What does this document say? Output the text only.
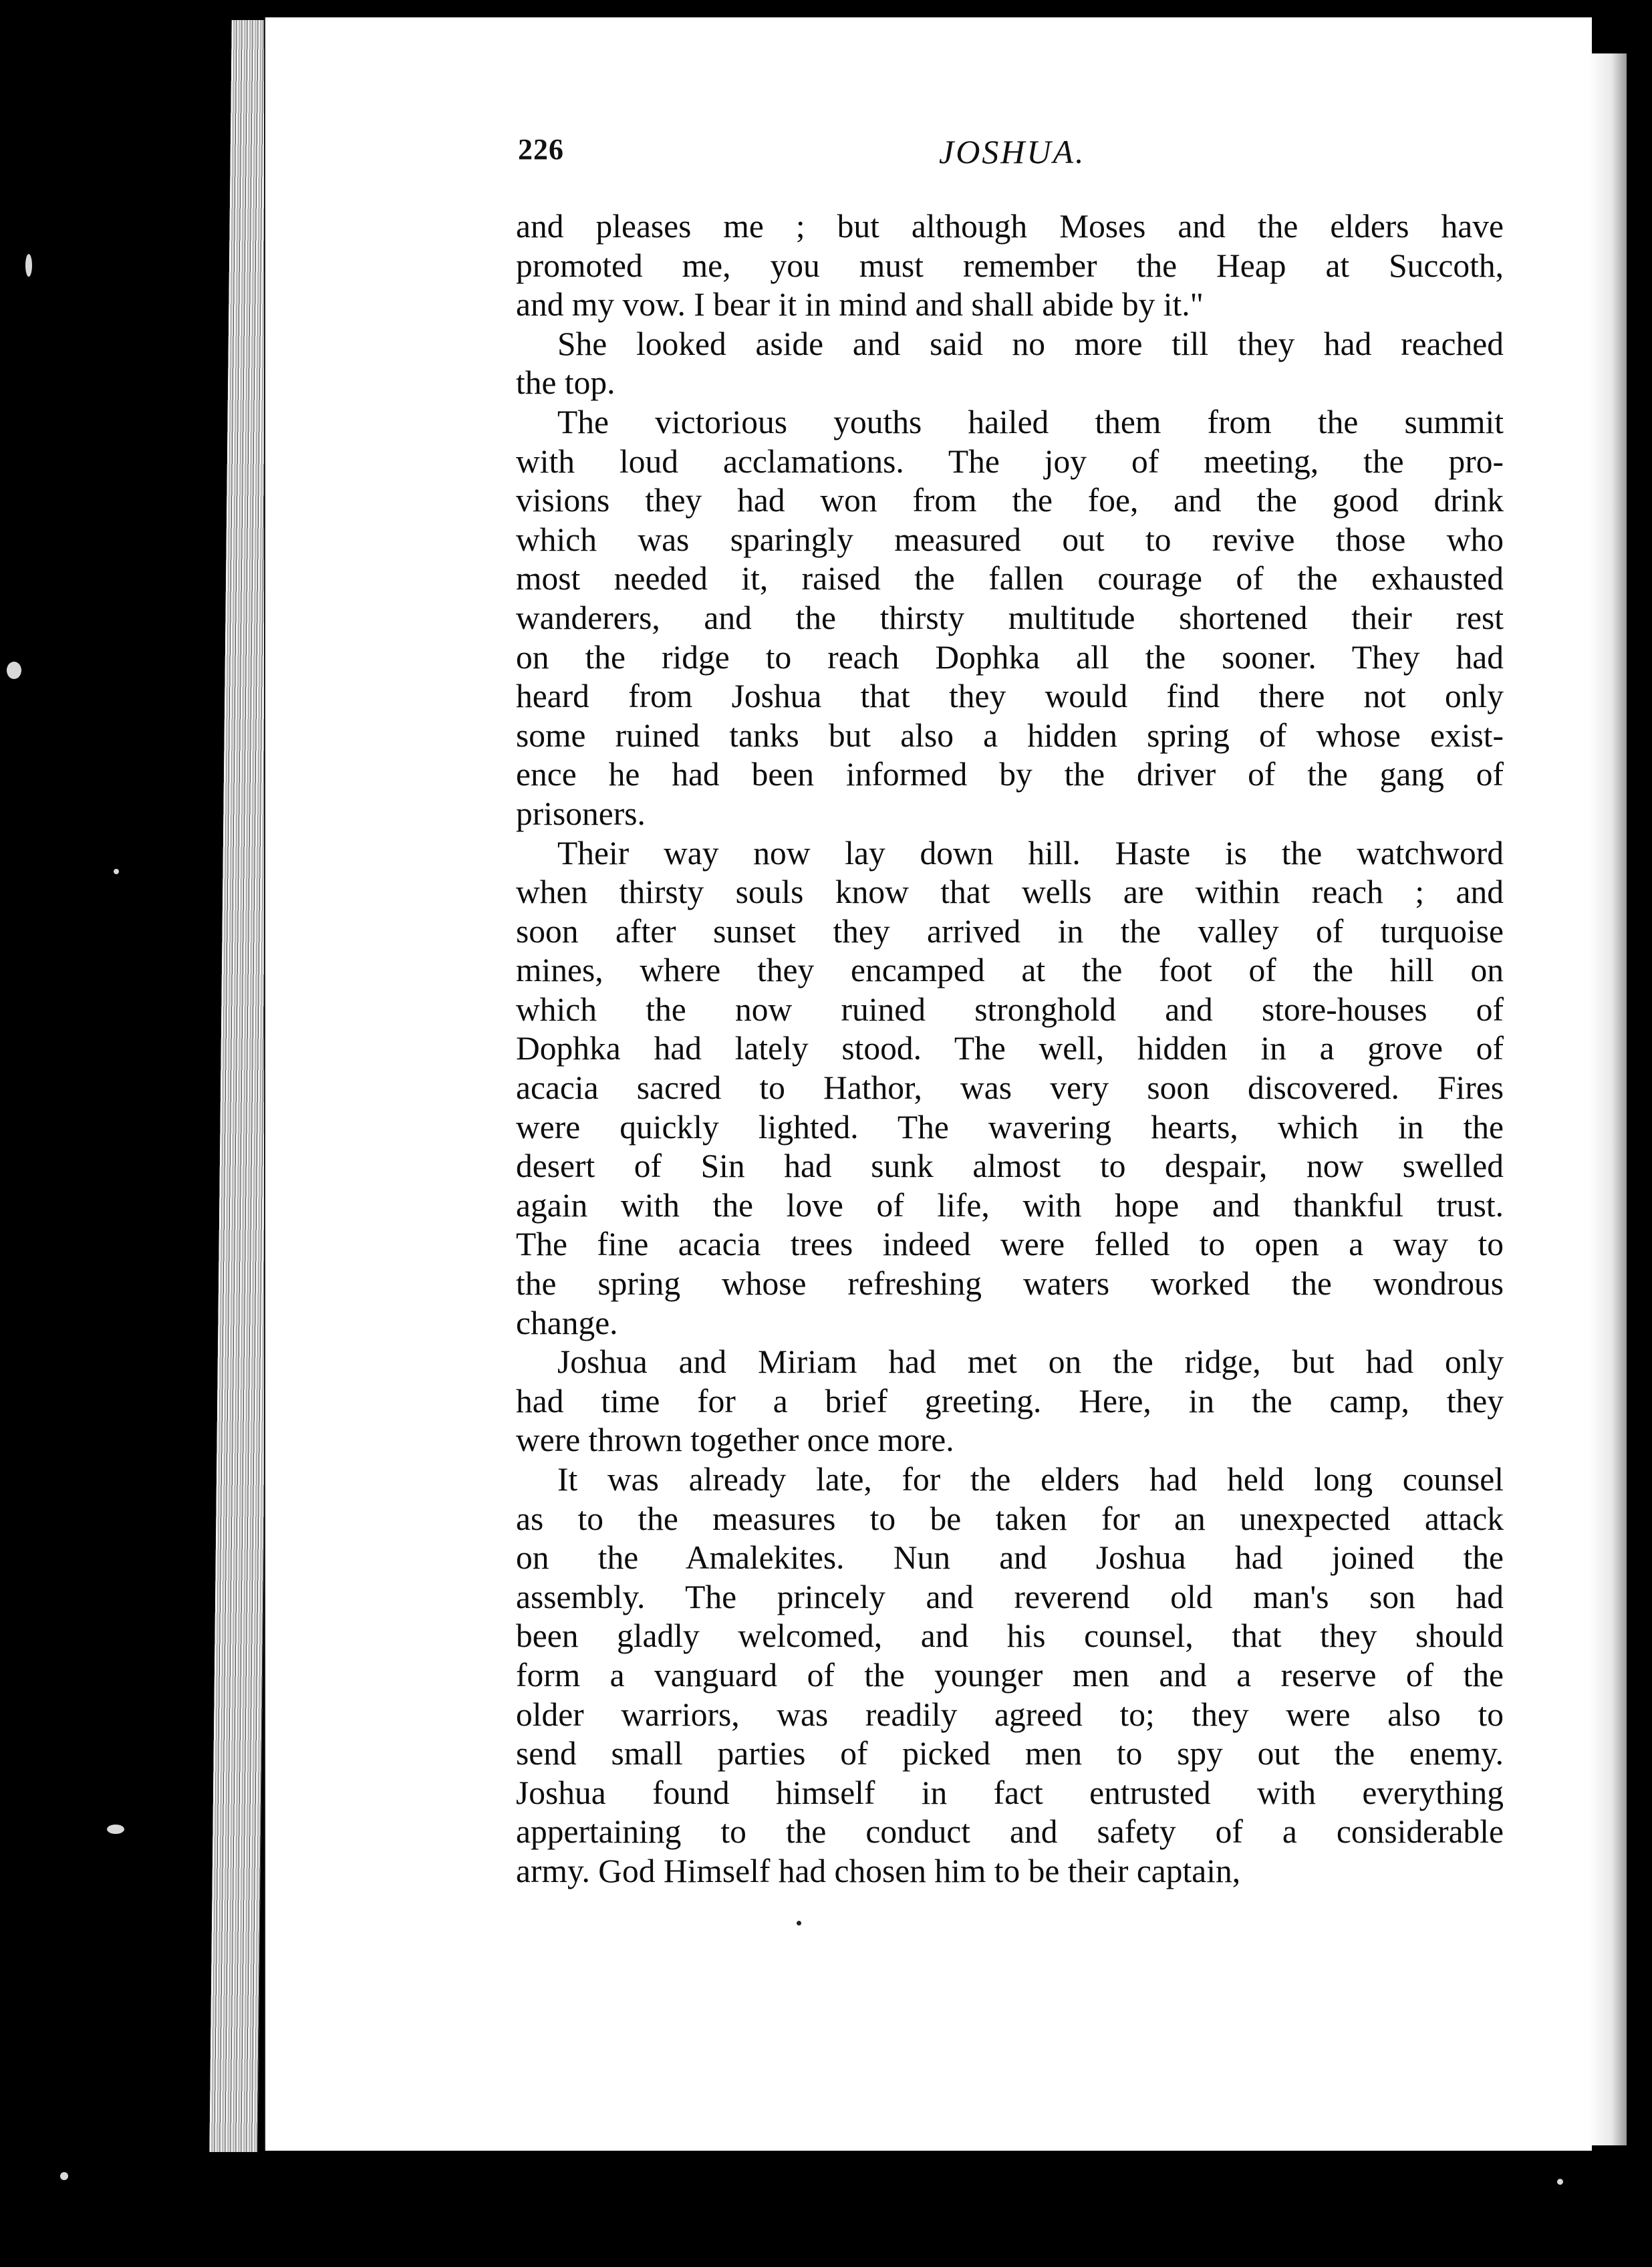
226	JOSHUA.
and pleases me ; but although Moses and the elders have
promoted me, you must remember the Heap at Succoth,
and my vow. I bear it in mind and shall abide by it."
She looked aside and said no more till they had reached
the top.
The victorious youths hailed them from the summit
with loud acclamations. The joy of meeting, the pro-
visions they had won from the foe, and the good drink
which was sparingly measured out to revive those who
most needed it, raised the fallen courage of the exhausted
wanderers, and the thirsty multitude shortened their rest
on the ridge to reach Dophka all the sooner. They had
heard from Joshua that they would find there not only
some ruined tanks but also a hidden spring of whose exist-
ence he had been informed by the driver of the gang of
prisoners.
Their way now lay down hill. Haste is the watchword
when thirsty souls know that wells are within reach ; and
soon after sunset they arrived in the valley of turquoise
mines, where they encamped at the foot of the hill on
which the now ruined stronghold and store-houses of
Dophka had lately stood. The well, hidden in a grove of
acacia sacred to Hathor, was very soon discovered. Fires
were quickly lighted. The wavering hearts, which in the
desert of Sin had sunk almost to despair, now swelled
again with the love of life, with hope and thankful trust.
The fine acacia trees indeed were felled to open a way to
the spring whose refreshing waters worked the wondrous
change.
Joshua and Miriam had met on the ridge, but had only
had time for a brief greeting. Here, in the camp, they
were thrown together once more.
It was already late, for the elders had held long counsel
as to the measures to be taken for an unexpected attack
on the Amalekites. Nun and Joshua had joined the
assembly. The princely and reverend old man's son had
been gladly welcomed, and his counsel, that they should
form a vanguard of the younger men and a reserve of the
older warriors, was readily agreed to; they were also to
send small parties of picked men to spy out the enemy.
Joshua found himself in fact entrusted with everything
appertaining to the conduct and safety of a considerable
army. God Himself had chosen him to be their captain,
